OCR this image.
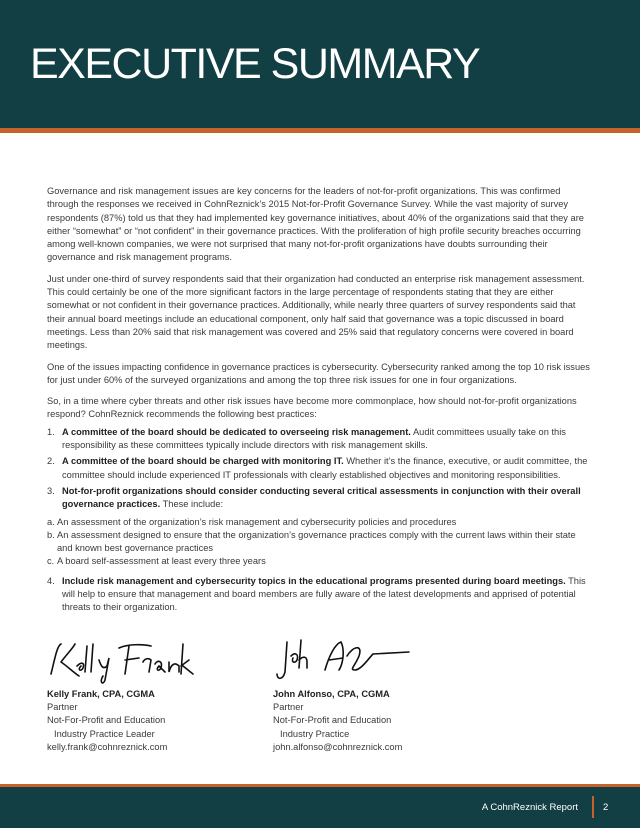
EXECUTIVE SUMMARY

Governance and risk management issues are key concerns for the leaders of not-for-profit organizations. This was confirmed through the responses we received in CohnReznick’s 2015 Not-for-Profit Governance Survey. While the vast majority of survey respondents (87%) told us that they had implemented key governance initiatives, about 40% of the organizations said that they are either “somewhat” or “not confident” in their governance practices. With the proliferation of high profile security breaches occurring among well-known companies, we were not surprised that many not-for-profit organizations have doubts surrounding their governance and risk management programs.

Just under one-third of survey respondents said that their organization had conducted an enterprise risk management assessment. This could certainly be one of the more significant factors in the large percentage of respondents stating that they are either somewhat or not confident in their governance practices. Additionally, while nearly three quarters of survey respondents said that their annual board meetings include an educational component, only half said that governance was a topic discussed in board meetings. Less than 20% said that risk management was covered and 25% said that regulatory concerns were covered in board meetings.

One of the issues impacting confidence in governance practices is cybersecurity. Cybersecurity ranked among the top 10 risk issues for just under 60% of the surveyed organizations and among the top three risk issues for one in four organizations.

So, in a time where cyber threats and other risk issues have become more commonplace, how should not-for-profit organizations respond? CohnReznick recommends the following best practices:

1. A committee of the board should be dedicated to overseeing risk management. Audit committees usually take on this responsibility as these committees typically include directors with risk management skills.
2. A committee of the board should be charged with monitoring IT. Whether it’s the finance, executive, or audit committee, the committee should include experienced IT professionals with clearly established objectives and monitoring responsibilities.
3. Not-for-profit organizations should consider conducting several critical assessments in conjunction with their overall governance practices. These include:
a. An assessment of the organization’s risk management and cybersecurity policies and procedures
b. An assessment designed to ensure that the organization’s governance practices comply with the current laws within their state and known best governance practices
c. A board self-assessment at least every three years
4. Include risk management and cybersecurity topics in the educational programs presented during board meetings. This will help to ensure that management and board members are fully aware of the latest developments and apprised of potential threats to their organization.
Kelly Frank, CPA, CGMA
Partner
Not-For-Profit and Education
Industry Practice Leader
kelly.frank@cohnreznick.com
John Alfonso, CPA, CGMA
Partner
Not-For-Profit and Education
Industry Practice
john.alfonso@cohnreznick.com
A CohnReznick Report	2
